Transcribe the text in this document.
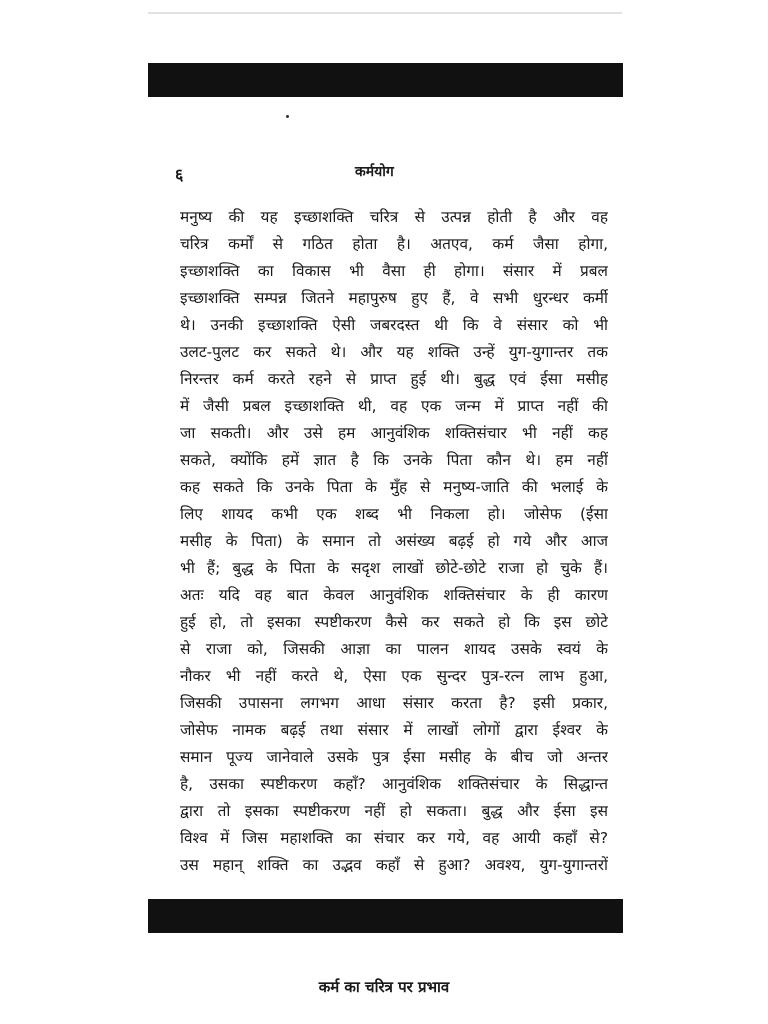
६	कर्मयोग
मनुष्य की यह इच्छाशक्ति चरित्र से उत्पन्न होती है और वह
चरित्र कर्मों से गठित होता है। अतएव, कर्म जैसा होगा,
इच्छाशक्ति का विकास भी वैसा ही होगा। संसार में प्रबल
इच्छाशक्ति सम्पन्न जितने महापुरुष हुए हैं, वे सभी धुरन्धर कर्मी
थे। उनकी इच्छाशक्ति ऐसी जबरदस्त थी कि वे संसार को भी
उलट-पुलट कर सकते थे। और यह शक्ति उन्हें युग-युगान्तर तक
निरन्तर कर्म करते रहने से प्राप्त हुई थी। बुद्ध एवं ईसा मसीह
में जैसी प्रबल इच्छाशक्ति थी, वह एक जन्म में प्राप्त नहीं की
जा सकती। और उसे हम आनुवंशिक शक्तिसंचार भी नहीं कह
सकते, क्योंकि हमें ज्ञात है कि उनके पिता कौन थे। हम नहीं
कह सकते कि उनके पिता के मुँह से मनुष्य-जाति की भलाई के
लिए शायद कभी एक शब्द भी निकला हो। जोसेफ (ईसा
मसीह के पिता) के समान तो असंख्य बढ़ई हो गये और आज
भी हैं; बुद्ध के पिता के सदृश लाखों छोटे-छोटे राजा हो चुके हैं।
अतः यदि वह बात केवल आनुवंशिक शक्तिसंचार के ही कारण
हुई हो, तो इसका स्पष्टीकरण कैसे कर सकते हो कि इस छोटे
से राजा को, जिसकी आज्ञा का पालन शायद उसके स्वयं के
नौकर भी नहीं करते थे, ऐसा एक सुन्दर पुत्र-रत्न लाभ हुआ,
जिसकी उपासना लगभग आधा संसार करता है? इसी प्रकार,
जोसेफ नामक बढ़ई तथा संसार में लाखों लोगों द्वारा ईश्वर के
समान पूज्य जानेवाले उसके पुत्र ईसा मसीह के बीच जो अन्तर
है, उसका स्पष्टीकरण कहाँ? आनुवंशिक शक्तिसंचार के सिद्धान्त
द्वारा तो इसका स्पष्टीकरण नहीं हो सकता। बुद्ध और ईसा इस
विश्व में जिस महाशक्ति का संचार कर गये, वह आयी कहाँ से?
उस महान् शक्ति का उद्भव कहाँ से हुआ? अवश्य, युग-युगान्तरों
कर्म का चरित्र पर प्रभाव
